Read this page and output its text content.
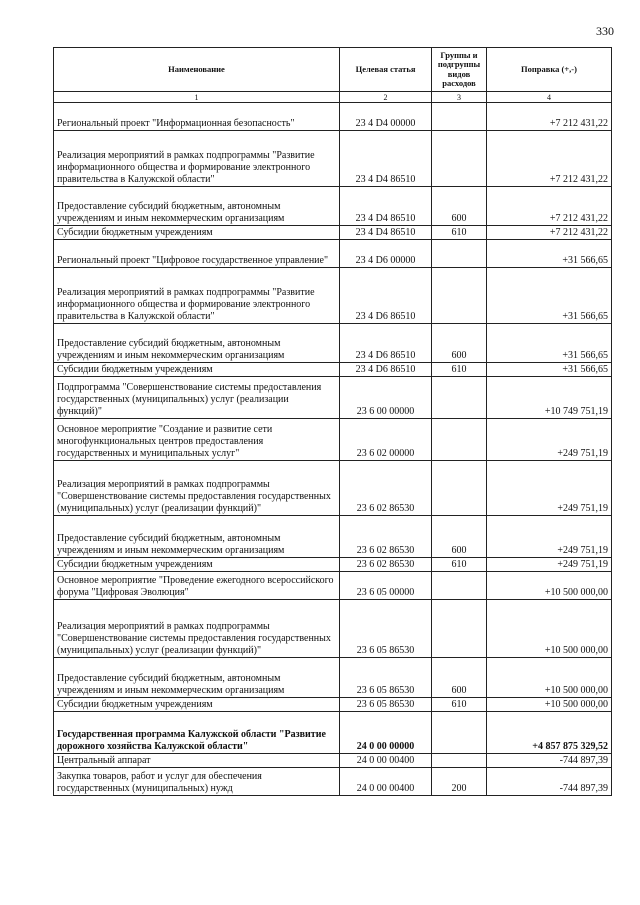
330
Наименование	Целевая статья	Группы и подгруппы видов расходов	Поправка (+,-)
1	2	3	4
Региональный проект "Информационная безопасность"	23 4 D4 00000		+7 212 431,22
Реализация мероприятий в рамках подпрограммы "Развитие информационного общества и формирование электронного правительства в Калужской области"	23 4 D4 86510		+7 212 431,22
Предоставление субсидий бюджетным, автономным учреждениям и иным некоммерческим организациям	23 4 D4 86510	600	+7 212 431,22
Субсидии бюджетным учреждениям	23 4 D4 86510	610	+7 212 431,22
Региональный проект "Цифровое государственное управление"	23 4 D6 00000		+31 566,65
Реализация мероприятий в рамках подпрограммы "Развитие информационного общества и формирование электронного правительства в Калужской области"	23 4 D6 86510		+31 566,65
Предоставление субсидий бюджетным, автономным учреждениям и иным некоммерческим организациям	23 4 D6 86510	600	+31 566,65
Субсидии бюджетным учреждениям	23 4 D6 86510	610	+31 566,65
Подпрограмма "Совершенствование системы предоставления государственных (муниципальных) услуг (реализации функций)"	23 6 00 00000		+10 749 751,19
Основное мероприятие "Создание и развитие сети многофункциональных центров предоставления государственных и муниципальных услуг"	23 6 02 00000		+249 751,19
Реализация мероприятий в рамках подпрограммы "Совершенствование системы предоставления государственных (муниципальных) услуг (реализации функций)"	23 6 02 86530		+249 751,19
Предоставление субсидий бюджетным, автономным учреждениям и иным некоммерческим организациям	23 6 02 86530	600	+249 751,19
Субсидии бюджетным учреждениям	23 6 02 86530	610	+249 751,19
Основное мероприятие "Проведение ежегодного всероссийского форума "Цифровая Эволюция"	23 6 05 00000		+10 500 000,00
Реализация мероприятий в рамках подпрограммы "Совершенствование системы предоставления государственных (муниципальных) услуг (реализации функций)"	23 6 05 86530		+10 500 000,00
Предоставление субсидий бюджетным, автономным учреждениям и иным некоммерческим организациям	23 6 05 86530	600	+10 500 000,00
Субсидии бюджетным учреждениям	23 6 05 86530	610	+10 500 000,00
Государственная программа Калужской области "Развитие дорожного хозяйства Калужской области"	24 0 00 00000		+4 857 875 329,52
Центральный аппарат	24 0 00 00400		-744 897,39
Закупка товаров, работ и услуг для обеспечения государственных (муниципальных) нужд	24 0 00 00400	200	-744 897,39
